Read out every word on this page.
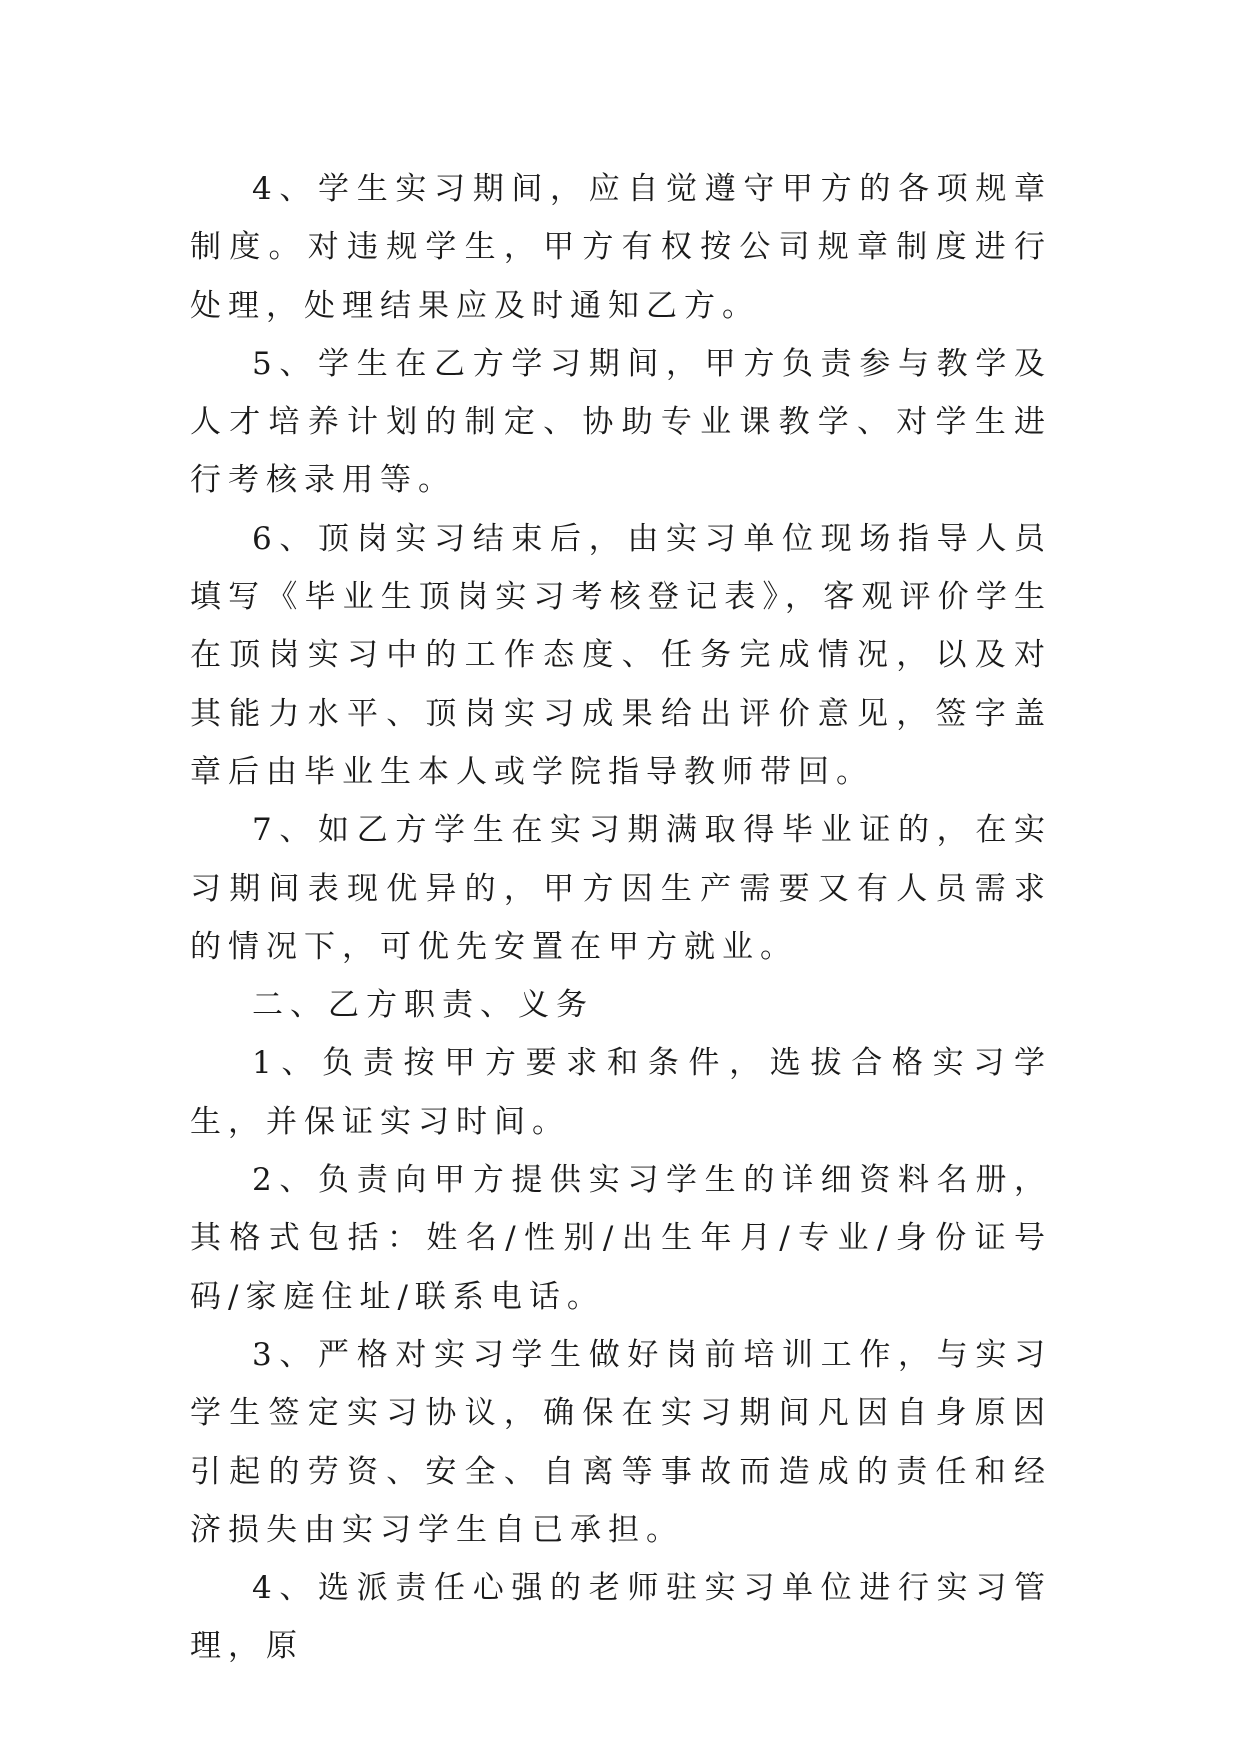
4、学生实习期间，应自觉遵守甲方的各项规章制度。对违规学生，甲方有权按公司规章制度进行处理，处理结果应及时通知乙方。

5、学生在乙方学习期间，甲方负责参与教学及人才培养计划的制定、协助专业课教学、对学生进行考核录用等。

6、顶岗实习结束后，由实习单位现场指导人员填写《毕业生顶岗实习考核登记表》，客观评价学生在顶岗实习中的工作态度、任务完成情况，以及对其能力水平、顶岗实习成果给出评价意见，签字盖章后由毕业生本人或学院指导教师带回。

7、如乙方学生在实习期满取得毕业证的，在实习期间表现优异的，甲方因生产需要又有人员需求的情况下，可优先安置在甲方就业。

二、乙方职责、义务

1、负责按甲方要求和条件，选拔合格实习学生，并保证实习时间。

2、负责向甲方提供实习学生的详细资料名册，其格式包括：姓名/性别/出生年月/专业/身份证号码/家庭住址/联系电话。

3、严格对实习学生做好岗前培训工作，与实习学生签定实习协议，确保在实习期间凡因自身原因引起的劳资、安全、自离等事故而造成的责任和经济损失由实习学生自已承担。

4、选派责任心强的老师驻实习单位进行实习管理，原
